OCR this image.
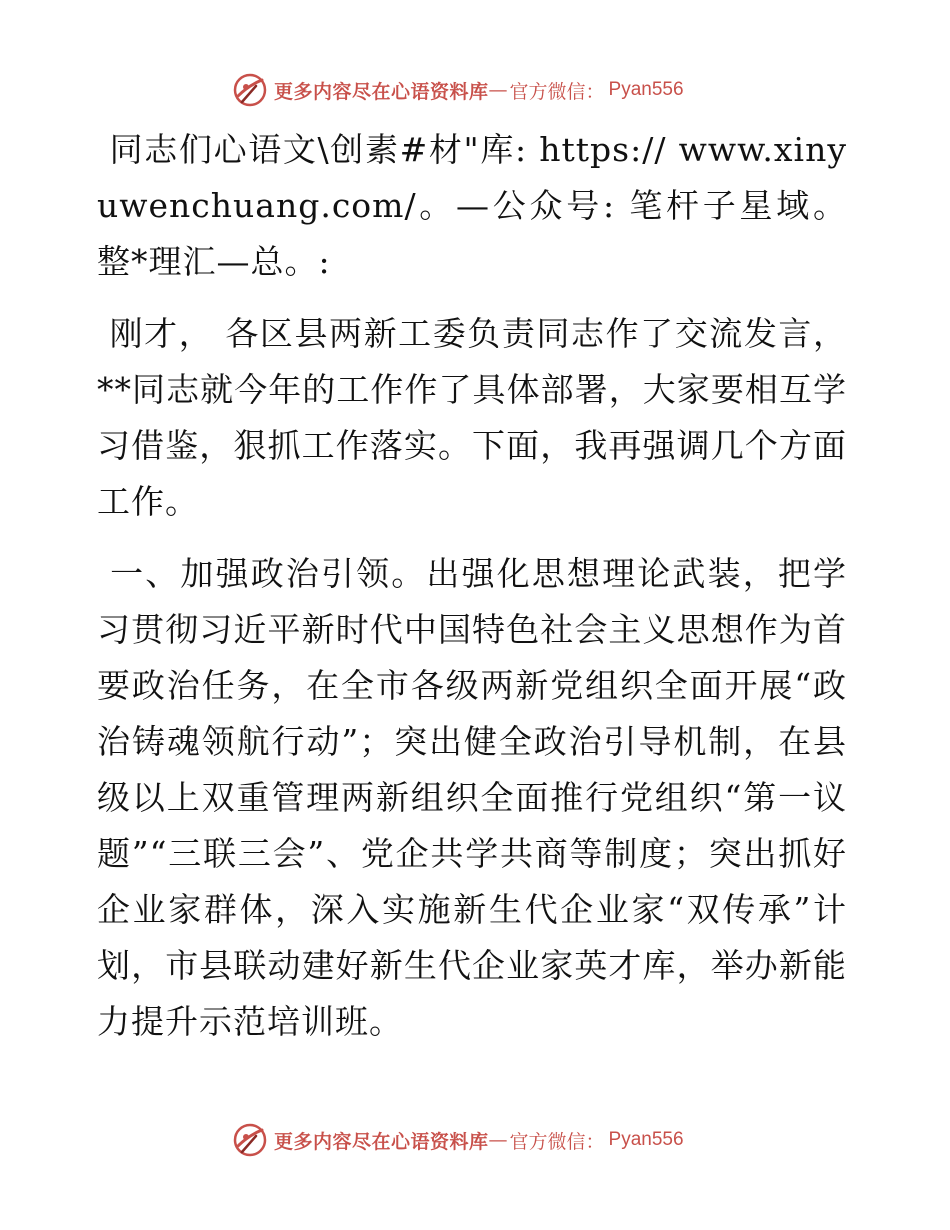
更多内容尽在心语资料库 — 官方微信： Pyan556

同志们心语文\创素#材"库: https:// www.xinyuwenchuang.com/。—公众号: 笔杆子星域。整*理汇—总。:

刚才， 各区县两新工委负责同志作了交流发言，**同志就今年的工作作了具体部署，大家要相互学习借鉴，狠抓工作落实。下面，我再强调几个方面工作。

一、加强政治引领。出强化思想理论武装，把学习贯彻习近平新时代中国特色社会主义思想作为首要政治任务，在全市各级两新党组织全面开展“政治铸魂领航行动”；突出健全政治引导机制，在县级以上双重管理两新组织全面推行党组织“第一议题”“三联三会”、党企共学共商等制度；突出抓好企业家群体，深入实施新生代企业家“双传承”计划，市县联动建好新生代企业家英才库，举办新能力提升示范培训班。

更多内容尽在心语资料库 — 官方微信： Pyan556
